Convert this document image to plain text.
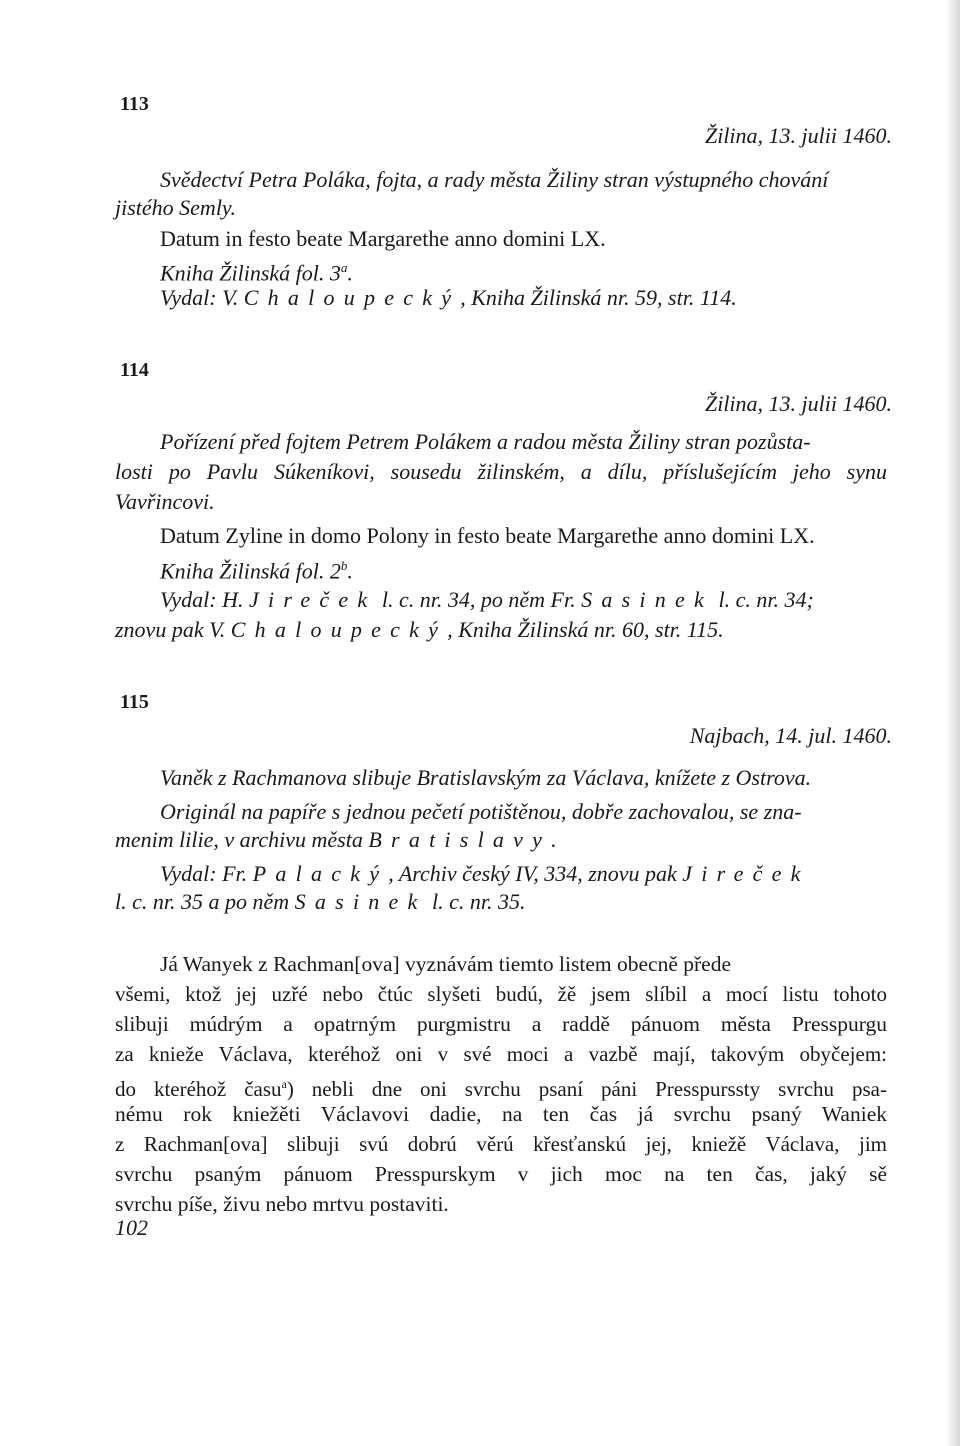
113
Žilina, 13. julii 1460.
Svědectví Petra Poláka, fojta, a rady města Žiliny stran výstupného chování
jistého Semly.
Datum in festo beate Margarethe anno domini LX.
Kniha Žilinská fol. 3$^a$.
Vydal: V. Chaloupecký, Kniha Žilinská nr. 59, str. 114.
114
Žilina, 13. julii 1460.
Pořízení před fojtem Petrem Polákem a radou města Žiliny stran pozůsta-
losti po Pavlu Súkeníkovi, sousedu žilinském, a dílu, příslušejícím jeho synu
Vavřincovi.
Datum Zyline in domo Polony in festo beate Margarethe anno domini LX.
Kniha Žilinská fol. 2$^b$.
Vydal: H. Jireček l. c. nr. 34, po něm Fr. Sasinek l. c. nr. 34;
znovu pak V. Chaloupecký, Kniha Žilinská nr. 60, str. 115.
115
Najbach, 14. jul. 1460.
Vaněk z Rachmanova slibuje Bratislavským za Václava, knížete z Ostrova.
Originál na papíře s jednou pečetí potištěnou, dobře zachovalou, se zna-
menim lilie, v archivu města Bratislavy.
Vydal: Fr. Palacký, Archiv český IV, 334, znovu pak Jireček
l. c. nr. 35 a po něm Sasinek l. c. nr. 35.
Já Wanyek z Rachman[ova] vyznávám tiemto listem obecně přede
všemi, ktož jej uzřé nebo čtúc slyšeti budú, žě jsem slíbil a mocí listu tohoto
slibuji múdrým a opatrným purgmistru a raddě pánuom města Presspurgu
za knieže Václava, kteréhož oni v své moci a vazbě mají, takovým obyčejem:
do kteréhož času$^a$) nebli dne oni svrchu psaní páni Presspurssty svrchu psa-
nému rok kniežěti Václavovi dadie, na ten čas já svrchu psaný Waniek
z Rachman[ova] slibuji svú dobrú věrú křesťanskú jej, kniežě Václava, jim
svrchu psaným pánuom Presspurskym v jich moc na ten čas, jaký sě
svrchu píše, živu nebo mrtvu postaviti.
102
